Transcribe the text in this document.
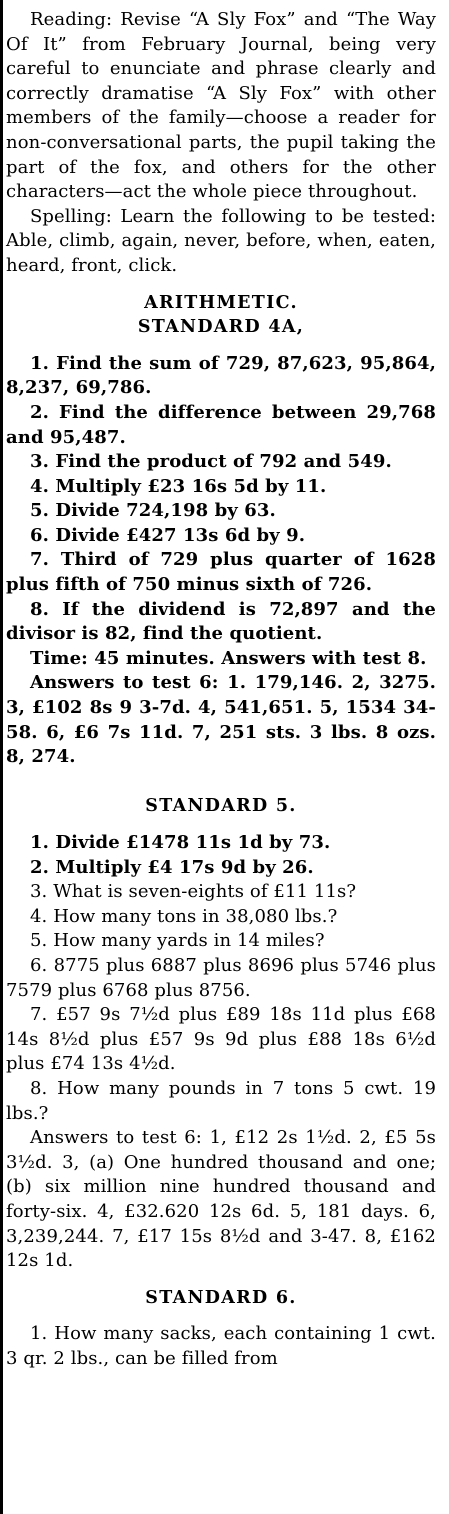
Reading: Revise “A Sly Fox” and “The Way Of It” from February Journal, being very careful to enunciate and phrase clearly and correctly dramatise “A Sly Fox” with other members of the family—choose a reader for non-conversational parts, the pupil taking the part of the fox, and others for the other characters—act the whole piece throughout.

Spelling: Learn the following to be tested: Able, climb, again, never, before, when, eaten, heard, front, click.

ARITHMETIC.

STANDARD 4A,

1. Find the sum of 729, 87,623, 95,864, 8,237, 69,786.

2. Find the difference between 29,768 and 95,487.

3. Find the product of 792 and 549.

4. Multiply £23 16s 5d by 11.

5. Divide 724,198 by 63.

6. Divide £427 13s 6d by 9.

7. Third of 729 plus quarter of 1628 plus fifth of 750 minus sixth of 726.

8. If the dividend is 72,897 and the divisor is 82, find the quotient.

Time: 45 minutes. Answers with test 8.

Answers to test 6: 1. 179,146. 2, 3275. 3, £102 8s 9 3-7d. 4, 541,651. 5, 1534 34-58. 6, £6 7s 11d. 7, 251 sts. 3 lbs. 8 ozs. 8, 274.

STANDARD 5.

1. Divide £1478 11s 1d by 73.

2. Multiply £4 17s 9d by 26.

3. What is seven-eights of £11 11s?

4. How many tons in 38,080 lbs.?

5. How many yards in 14 miles?

6. 8775 plus 6887 plus 8696 plus 5746 plus 7579 plus 6768 plus 8756.

7. £57 9s 7½d plus £89 18s 11d plus £68 14s 8½d plus £57 9s 9d plus £88 18s 6½d plus £74 13s 4½d.

8. How many pounds in 7 tons 5 cwt. 19 lbs.?

Answers to test 6: 1, £12 2s 1½d. 2, £5 5s 3½d. 3, (a) One hundred thousand and one; (b) six million nine hundred thousand and forty-six. 4, £32.620 12s 6d. 5, 181 days. 6, 3,239,244. 7, £17 15s 8½d and 3-47. 8, £162 12s 1d.

STANDARD 6.

1. How many sacks, each containing 1 cwt. 3 qr. 2 lbs., can be filled from
